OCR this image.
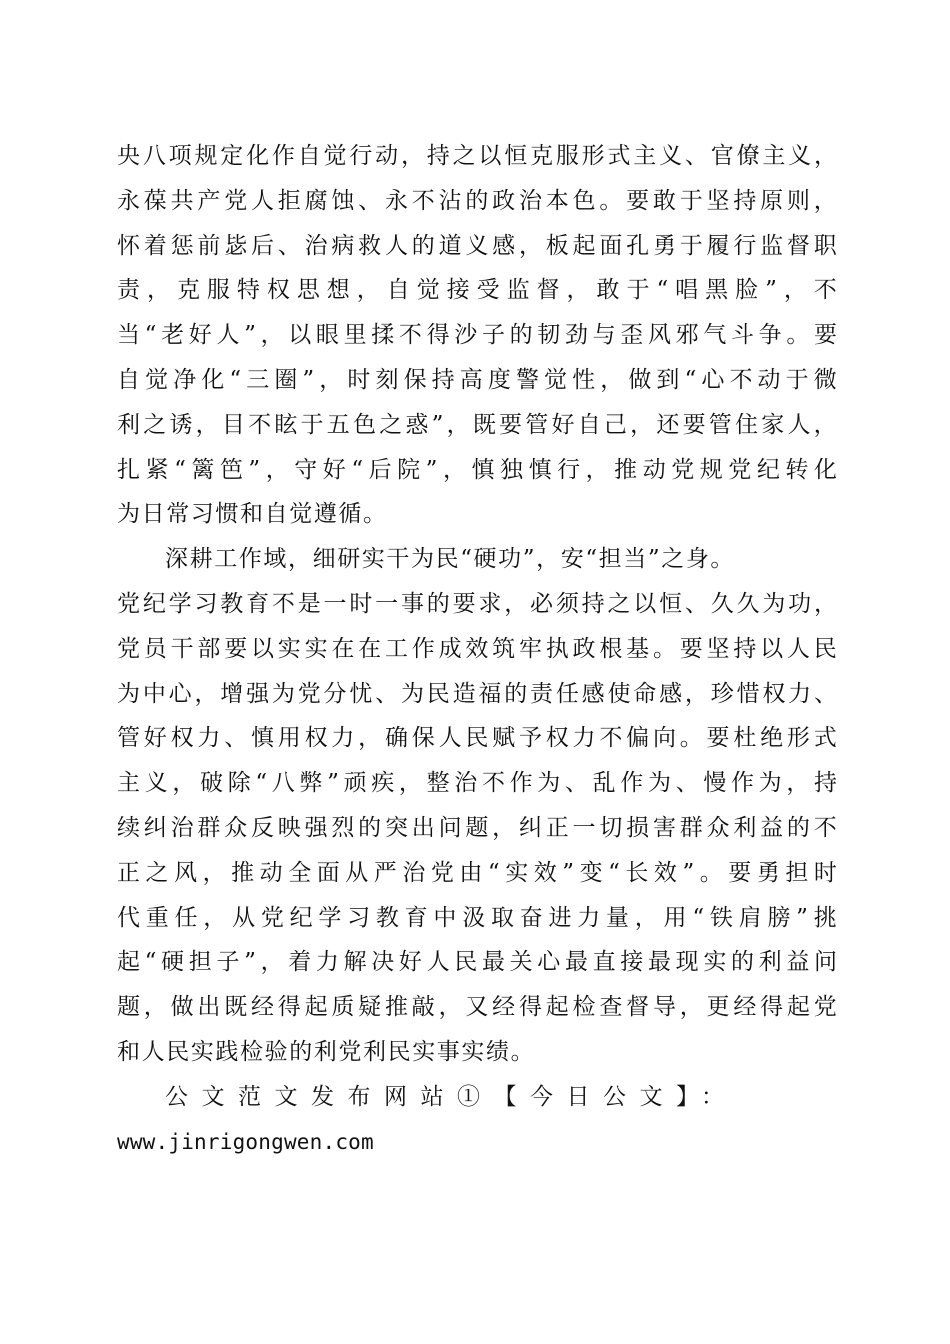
央 八 项 规 定 化 作 自 觉 行 动 ， 持 之 以 恒 克 服 形 式 主 义 、 官 僚 主 义 ，
永 葆 共 产 党 人 拒 腐 蚀 、 永 不 沾 的 政 治 本 色 。 要 敢 于 坚 持 原 则 ，
怀 着 惩 前 毖 后 、 治 病 救 人 的 道 义 感 ， 板 起 面 孔 勇 于 履 行 监 督 职
责 ， 克 服 特 权 思 想 ， 自 觉 接 受 监 督 ， 敢 于 “ 唱 黑 脸 ” ， 不
当 “ 老 好 人 ” ， 以 眼 里 揉 不 得 沙 子 的 韧 劲 与 歪 风 邪 气 斗 争 。 要
自 觉 净 化 “ 三 圈 ” ， 时 刻 保 持 高 度 警 觉 性 ， 做 到 “ 心 不 动 于 微
利 之 诱 ， 目 不 眩 于 五 色 之 惑 ” ， 既 要 管 好 自 己 ， 还 要 管 住 家 人 ，
扎 紧 “ 篱 笆 ” ， 守 好 “ 后 院 ” ， 慎 独 慎 行 ， 推 动 党 规 党 纪 转 化
为日常习惯和自觉遵循。
深耕工作域，细研实干为民“硬功”，安“担当”之身。
党 纪 学 习 教 育 不 是 一 时 一 事 的 要 求 ， 必 须 持 之 以 恒 、 久 久 为 功 ，
党 员 干 部 要 以 实 实 在 在 工 作 成 效 筑 牢 执 政 根 基 。 要 坚 持 以 人 民
为 中 心 ， 增 强 为 党 分 忧 、 为 民 造 福 的 责 任 感 使 命 感 ， 珍 惜 权 力 、
管 好 权 力 、 慎 用 权 力 ， 确 保 人 民 赋 予 权 力 不 偏 向 。 要 杜 绝 形 式
主 义 ， 破 除 “ 八 弊 ” 顽 疾 ， 整 治 不 作 为 、 乱 作 为 、 慢 作 为 ， 持
续 纠 治 群 众 反 映 强 烈 的 突 出 问 题 ， 纠 正 一 切 损 害 群 众 利 益 的 不
正 之 风 ， 推 动 全 面 从 严 治 党 由 “ 实 效 ” 变 “ 长 效 ” 。 要 勇 担 时
代 重 任 ， 从 党 纪 学 习 教 育 中 汲 取 奋 进 力 量 ， 用 “ 铁 肩 膀 ” 挑
起 “ 硬 担 子 ” ， 着 力 解 决 好 人 民 最 关 心 最 直 接 最 现 实 的 利 益 问
题 ， 做 出 既 经 得 起 质 疑 推 敲 ， 又 经 得 起 检 查 督 导 ， 更 经 得 起 党
和人民实践检验的利党利民实事实绩。
公文范文发布网站①【今日公文】：
www.jinrigongwen.com
